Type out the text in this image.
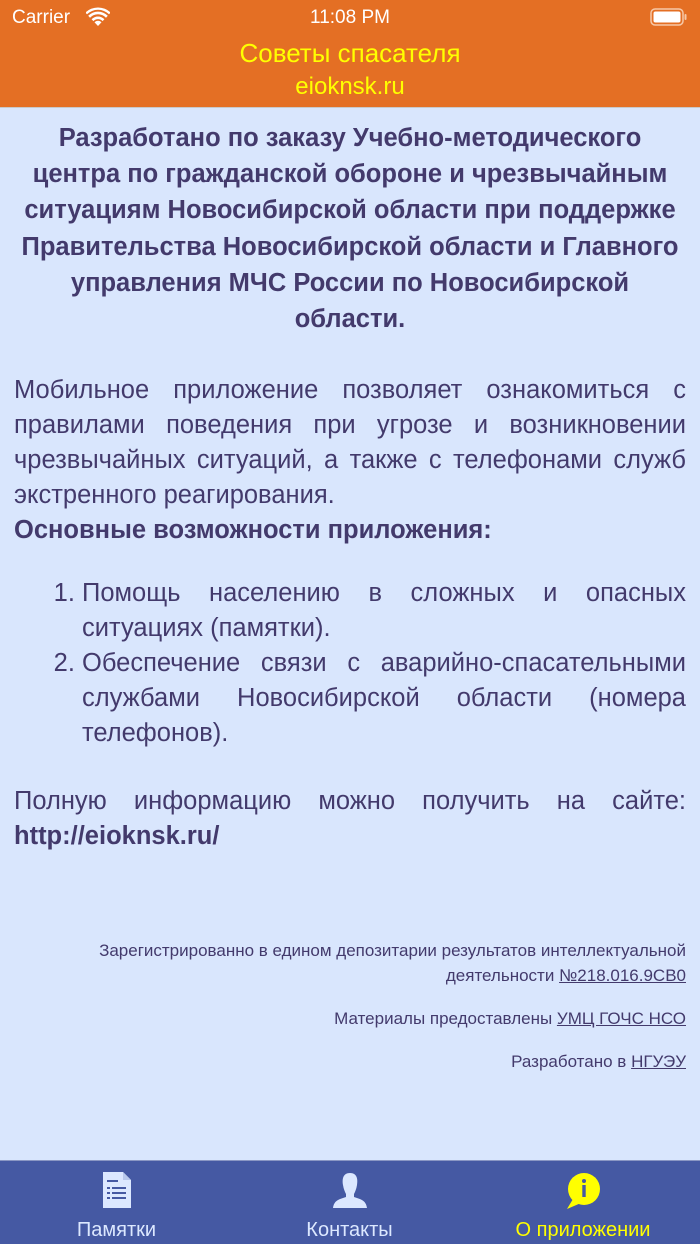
Carrier	11:08 PM
Советы спасателя
eioknsk.ru

Разработано по заказу Учебно-методического центра по гражданской обороне и чрезвычайным ситуациям Новосибирской области при поддержке Правительства Новосибирской области и Главного управления МЧС России по Новосибирской области.

Мобильное приложение позволяет ознакомиться с правилами поведения при угрозе и возникновении чрезвычайных ситуаций, а также с телефонами служб экстренного реагирования.

Основные возможности приложения:

1. Помощь населению в сложных и опасных ситуациях (памятки).
2. Обеспечение связи с аварийно-спасательными службами Новосибирской области (номера телефонов).

Полную информацию можно получить на сайте:

http://eioknsk.ru/

Зарегистрированно в едином депозитарии результатов интеллектуальной деятельности №218.016.9CB0

Материалы предоставлены УМЦ ГОЧС НСО

Разработано в НГУЭУ

Памятки	Контакты	О приложении
